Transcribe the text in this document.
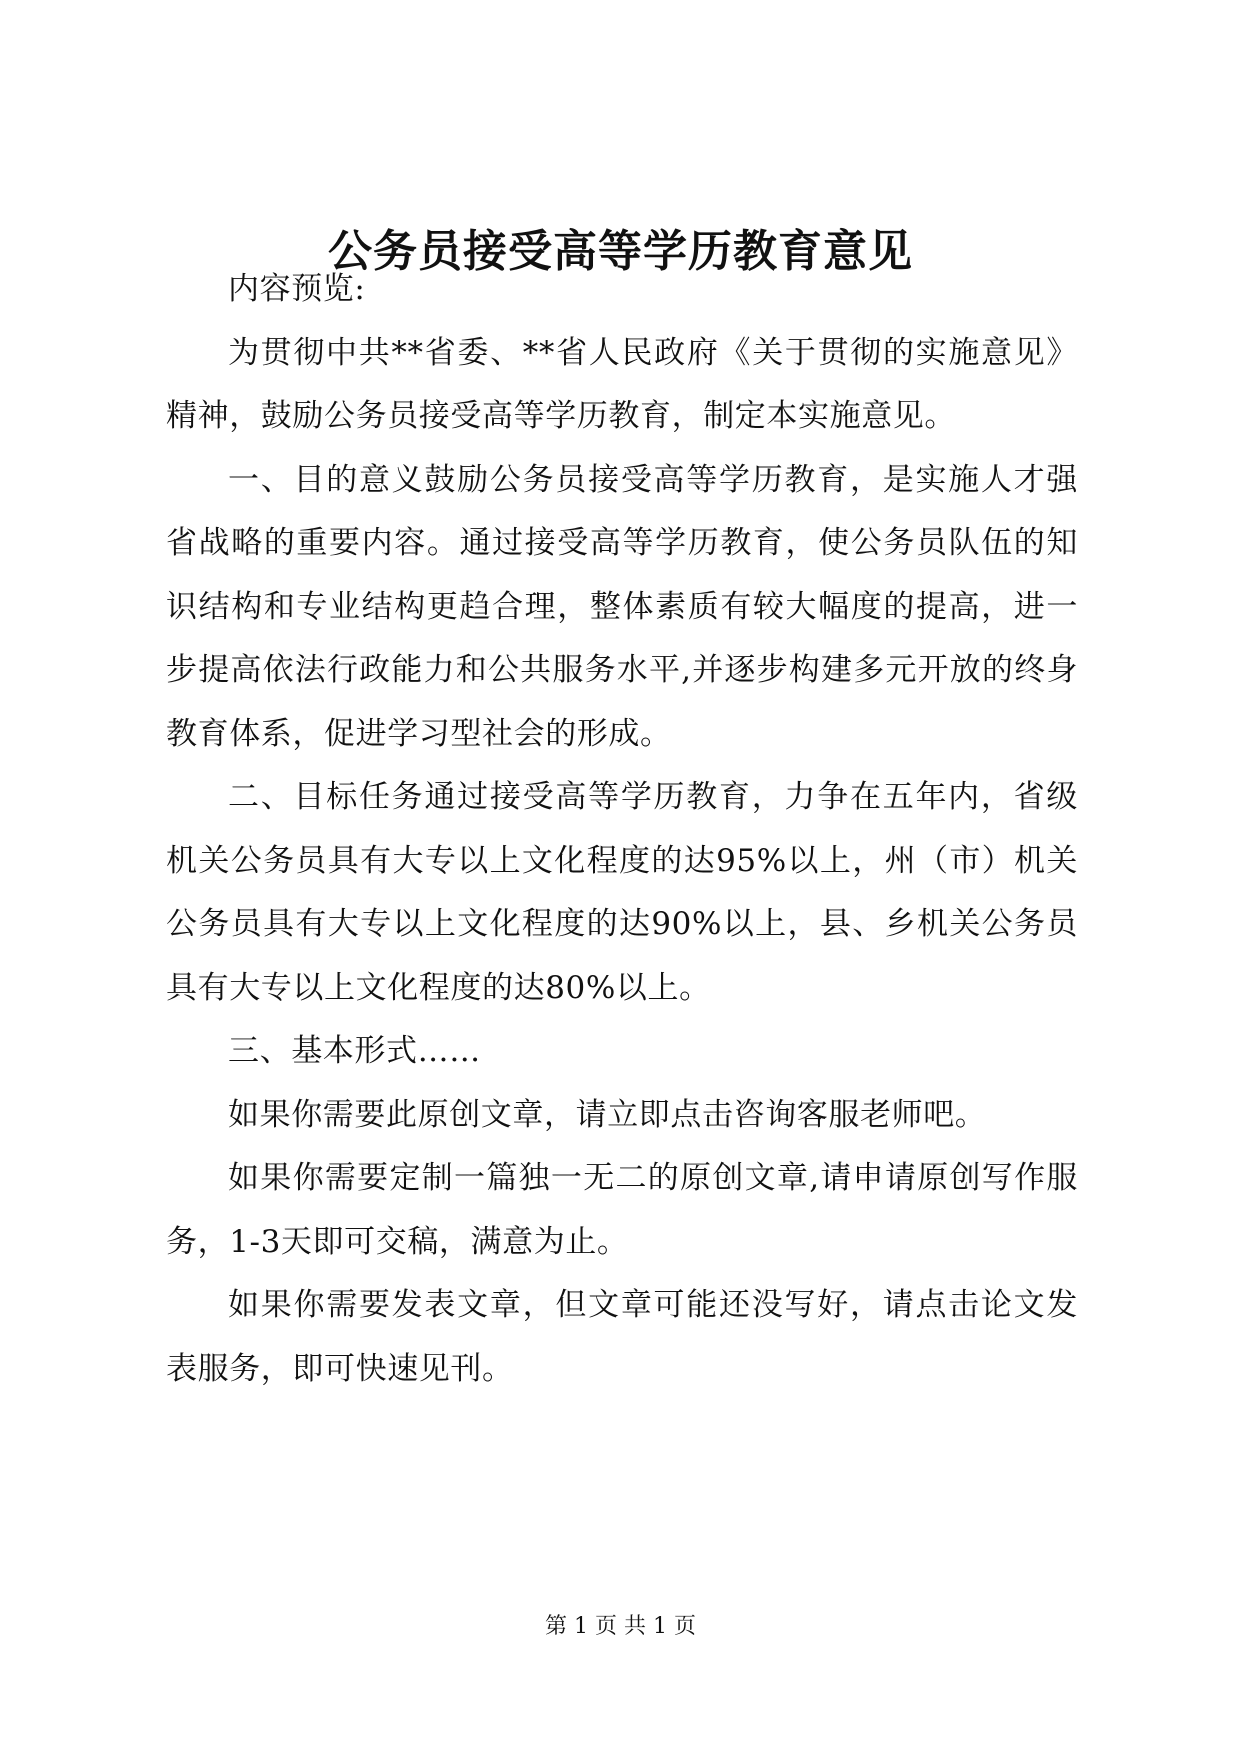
公务员接受高等学历教育意见

内容预览:

为贯彻中共**省委、**省人民政府《关于贯彻的实施意见》精神，鼓励公务员接受高等学历教育，制定本实施意见。

一、目的意义鼓励公务员接受高等学历教育，是实施人才强省战略的重要内容。通过接受高等学历教育，使公务员队伍的知识结构和专业结构更趋合理，整体素质有较大幅度的提高，进一步提高依法行政能力和公共服务水平,并逐步构建多元开放的终身教育体系，促进学习型社会的形成。

二、目标任务通过接受高等学历教育，力争在五年内，省级机关公务员具有大专以上文化程度的达95%以上，州（市）机关公务员具有大专以上文化程度的达90%以上，县、乡机关公务员具有大专以上文化程度的达80%以上。

三、基本形式……

如果你需要此原创文章，请立即点击咨询客服老师吧。

如果你需要定制一篇独一无二的原创文章,请申请原创写作服务，1-3天即可交稿，满意为止。

如果你需要发表文章，但文章可能还没写好，请点击论文发表服务，即可快速见刊。

第 1 页 共 1 页
